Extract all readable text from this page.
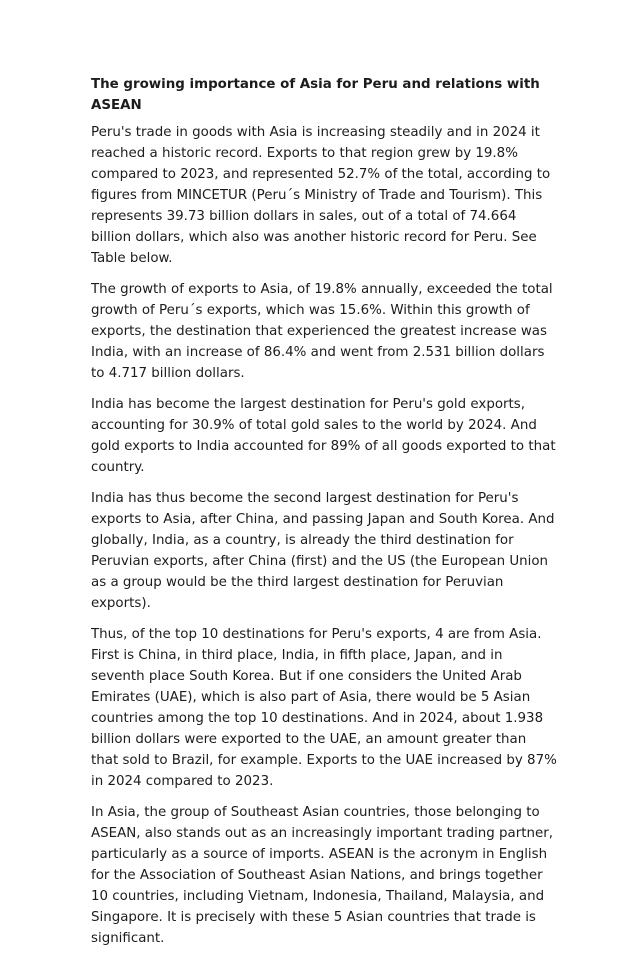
The growing importance of Asia for Peru and relations with ASEAN

Peru's trade in goods with Asia is increasing steadily and in 2024 it reached a historic record. Exports to that region grew by 19.8% compared to 2023, and represented 52.7% of the total, according to figures from MINCETUR (Peru´s Ministry of Trade and Tourism). This represents 39.73 billion dollars in sales, out of a total of 74.664 billion dollars, which also was another historic record for Peru. See Table below.

The growth of exports to Asia, of 19.8% annually, exceeded the total growth of Peru´s exports, which was 15.6%. Within this growth of exports, the destination that experienced the greatest increase was India, with an increase of 86.4% and went from 2.531 billion dollars to 4.717 billion dollars.

India has become the largest destination for Peru's gold exports, accounting for 30.9% of total gold sales to the world by 2024. And gold exports to India accounted for 89% of all goods exported to that country.

India has thus become the second largest destination for Peru's exports to Asia, after China, and passing Japan and South Korea. And globally, India, as a country, is already the third destination for Peruvian exports, after China (first) and the US (the European Union as a group would be the third largest destination for Peruvian exports).

Thus, of the top 10 destinations for Peru's exports, 4 are from Asia. First is China, in third place, India, in fifth place, Japan, and in seventh place South Korea. But if one considers the United Arab Emirates (UAE), which is also part of Asia, there would be 5 Asian countries among the top 10 destinations. And in 2024, about 1.938 billion dollars were exported to the UAE, an amount greater than that sold to Brazil, for example. Exports to the UAE increased by 87% in 2024 compared to 2023.

In Asia, the group of Southeast Asian countries, those belonging to ASEAN, also stands out as an increasingly important trading partner, particularly as a source of imports. ASEAN is the acronym in English for the Association of Southeast Asian Nations, and brings together 10 countries, including Vietnam, Indonesia, Thailand, Malaysia, and Singapore. It is precisely with these 5 Asian countries that trade is significant.
